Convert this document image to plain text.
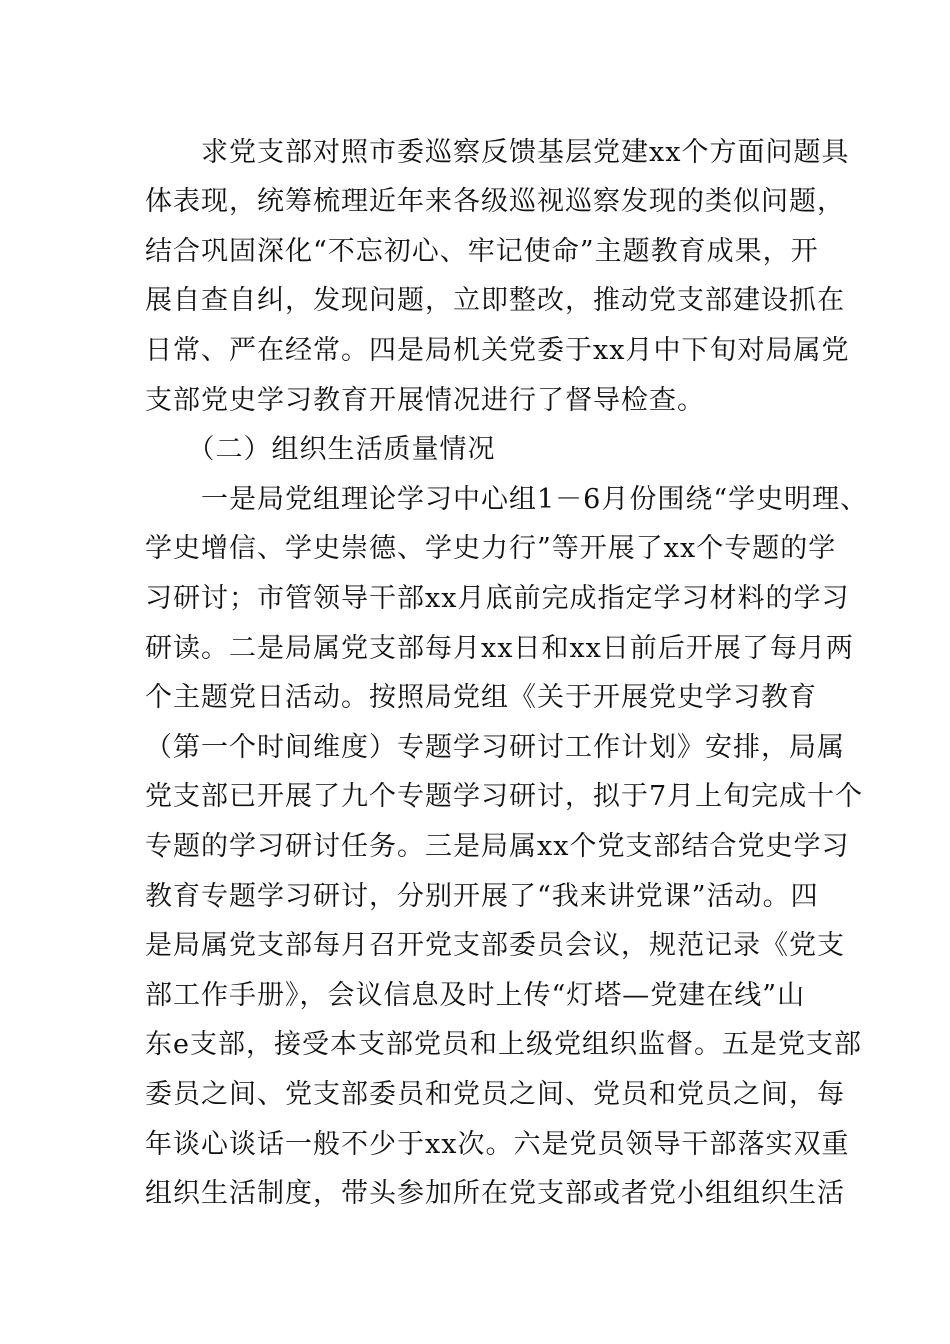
　　求党支部对照市委巡察反馈基层党建xx个方面问题具
体表现，统筹梳理近年来各级巡视巡察发现的类似问题，
结合巩固深化“不忘初心、牢记使命”主题教育成果，开
展自查自纠，发现问题，立即整改，推动党支部建设抓在
日常、严在经常。四是局机关党委于xx月中下旬对局属党
支部党史学习教育开展情况进行了督导检查。
　　（二）组织生活质量情况
　　一是局党组理论学习中心组1－6月份围绕“学史明理、
学史增信、学史崇德、学史力行”等开展了xx个专题的学
习研讨；市管领导干部xx月底前完成指定学习材料的学习
研读。二是局属党支部每月xx日和xx日前后开展了每月两
个主题党日活动。按照局党组《关于开展党史学习教育
（第一个时间维度）专题学习研讨工作计划》安排，局属
党支部已开展了九个专题学习研讨，拟于7月上旬完成十个
专题的学习研讨任务。三是局属xx个党支部结合党史学习
教育专题学习研讨，分别开展了“我来讲党课”活动。四
是局属党支部每月召开党支部委员会议，规范记录《党支
部工作手册》，会议信息及时上传“灯塔—党建在线”山
东e支部，接受本支部党员和上级党组织监督。五是党支部
委员之间、党支部委员和党员之间、党员和党员之间，每
年谈心谈话一般不少于xx次。六是党员领导干部落实双重
组织生活制度，带头参加所在党支部或者党小组组织生活
